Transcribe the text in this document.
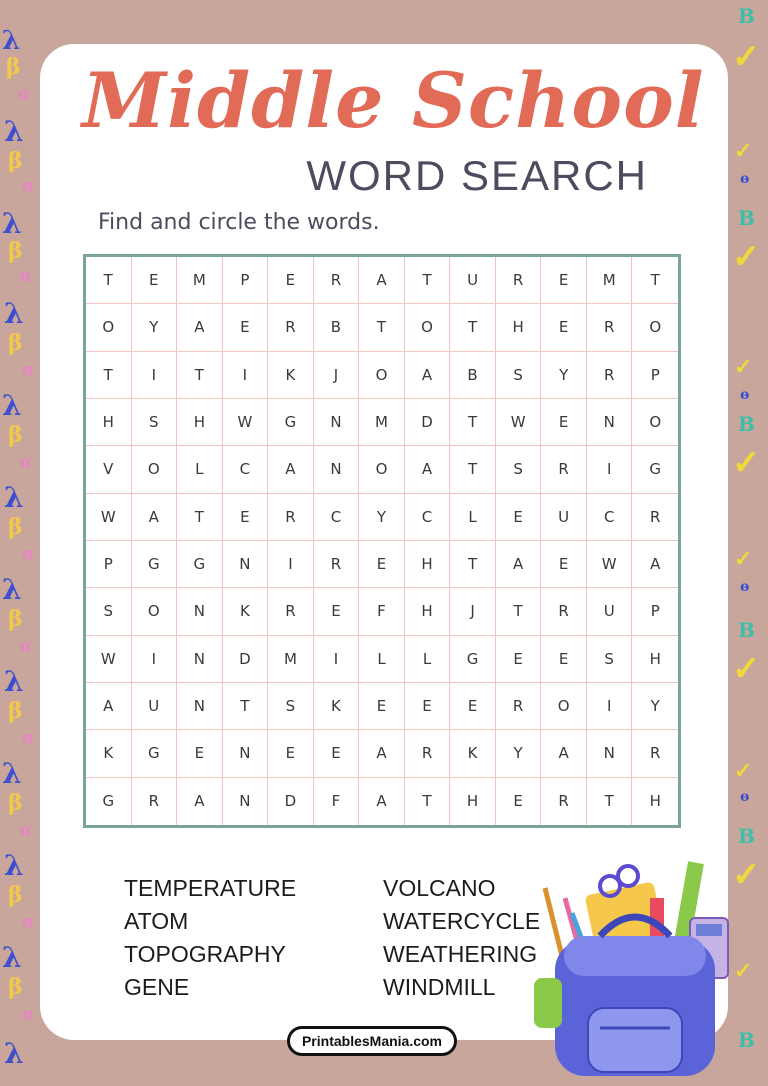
λ
β
ɑ
λ
β
ɑ
λ
β
ɑ
λ
β
ɑ
λ
β
ɑ
λ
β
ɑ
λ
β
ɑ
λ
β
ɑ
λ
β
ɑ
λ
β
ɑ
λ
β
ɑ
λ
B
✓
✓
ɵ
B
✓
✓
ɵ
B
✓
✓
ɵ
B
✓
✓
ɵ
B
✓
✓
B
Middle School
WORD SEARCH
Find and circle the words.
T	E	M	P	E	R	A	T	U	R	E	M	T
O	Y	A	E	R	B	T	O	T	H	E	R	O
T	I	T	I	K	J	O	A	B	S	Y	R	P
H	S	H	W	G	N	M	D	T	W	E	N	O
V	O	L	C	A	N	O	A	T	S	R	I	G
W	A	T	E	R	C	Y	C	L	E	U	C	R
P	G	G	N	I	R	E	H	T	A	E	W	A
S	O	N	K	R	E	F	H	J	T	R	U	P
W	I	N	D	M	I	L	L	G	E	E	S	H
A	U	N	T	S	K	E	E	E	R	O	I	Y
K	G	E	N	E	E	A	R	K	Y	A	N	R
G	R	A	N	D	F	A	T	H	E	R	T	H
TEMPERATURE
ATOM
TOPOGRAPHY
GENE
VOLCANO
WATERCYCLE
WEATHERING
WINDMILL
PrintablesMania.com
